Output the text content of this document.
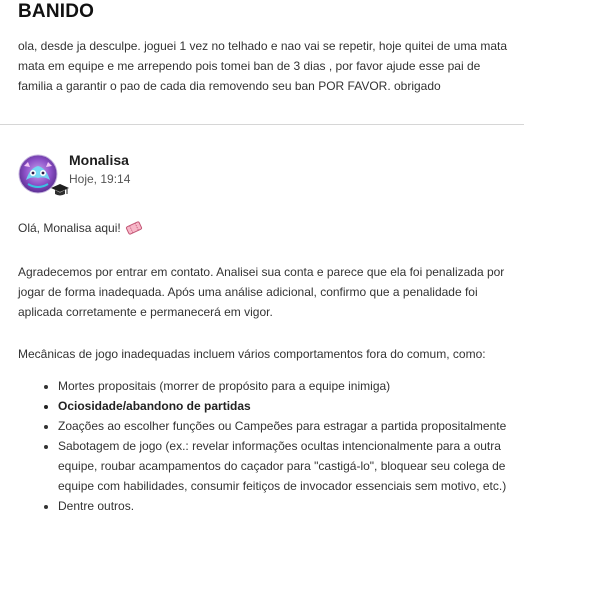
BANIDO

ola, desde ja desculpe. joguei 1 vez no telhado e nao vai se repetir, hoje quitei de uma mata mata em equipe e me arrependo pois tomei ban de 3 dias , por favor ajude esse pai de familia a garantir o pao de cada dia removendo seu ban POR FAVOR. obrigado

Monalisa

Hoje, 19:14

Olá, Monalisa aqui!

Agradecemos por entrar em contato. Analisei sua conta e parece que ela foi penalizada por jogar de forma inadequada. Após uma análise adicional, confirmo que a penalidade foi aplicada corretamente e permanecerá em vigor.

Mecânicas de jogo inadequadas incluem vários comportamentos fora do comum, como:

• Mortes propositais (morrer de propósito para a equipe inimiga)
• Ociosidade/abandono de partidas
• Zoações ao escolher funções ou Campeões para estragar a partida propositalmente
• Sabotagem de jogo (ex.: revelar informações ocultas intencionalmente para a outra equipe, roubar acampamentos do caçador para "castigá-lo", bloquear seu colega de equipe com habilidades, consumir feitiços de invocador essenciais sem motivo, etc.)
• Dentre outros.
